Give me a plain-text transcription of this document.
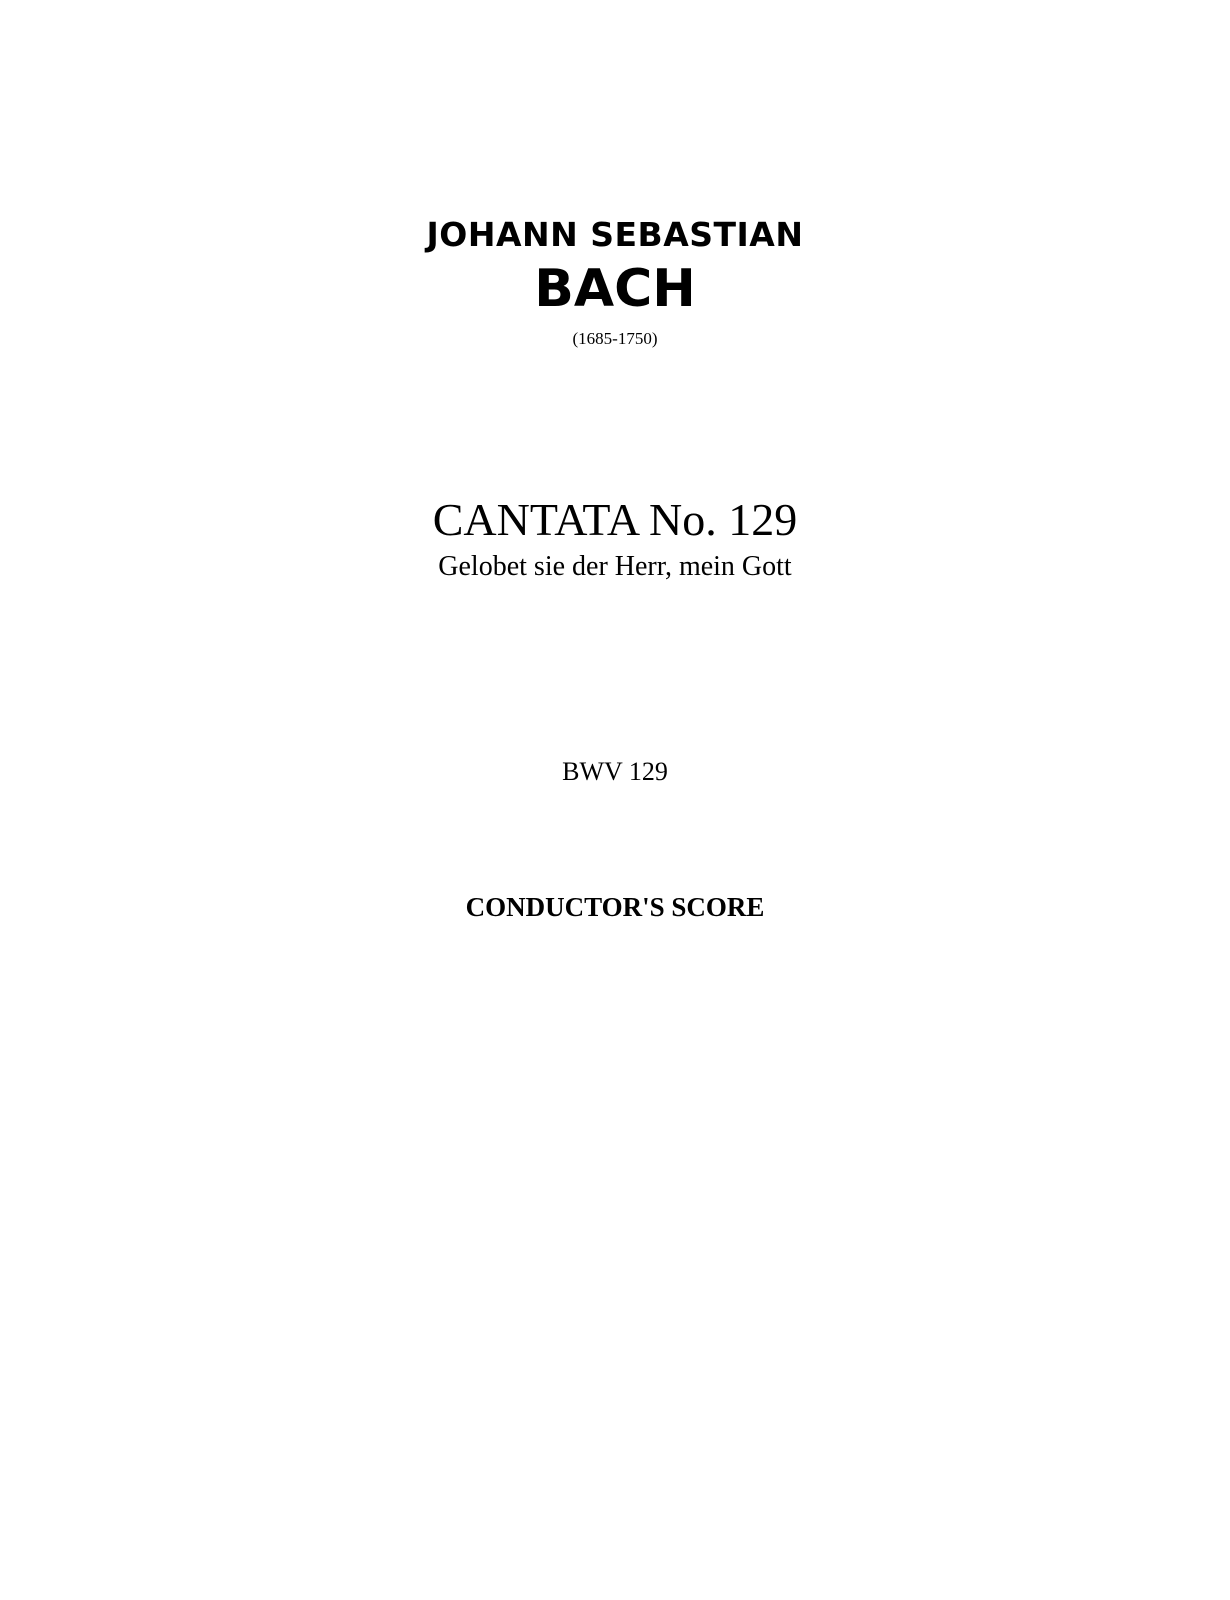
JOHANN SEBASTIAN
BACH
(1685-1750)
CANTATA No. 129
Gelobet sie der Herr, mein Gott
BWV 129
CONDUCTOR'S SCORE
